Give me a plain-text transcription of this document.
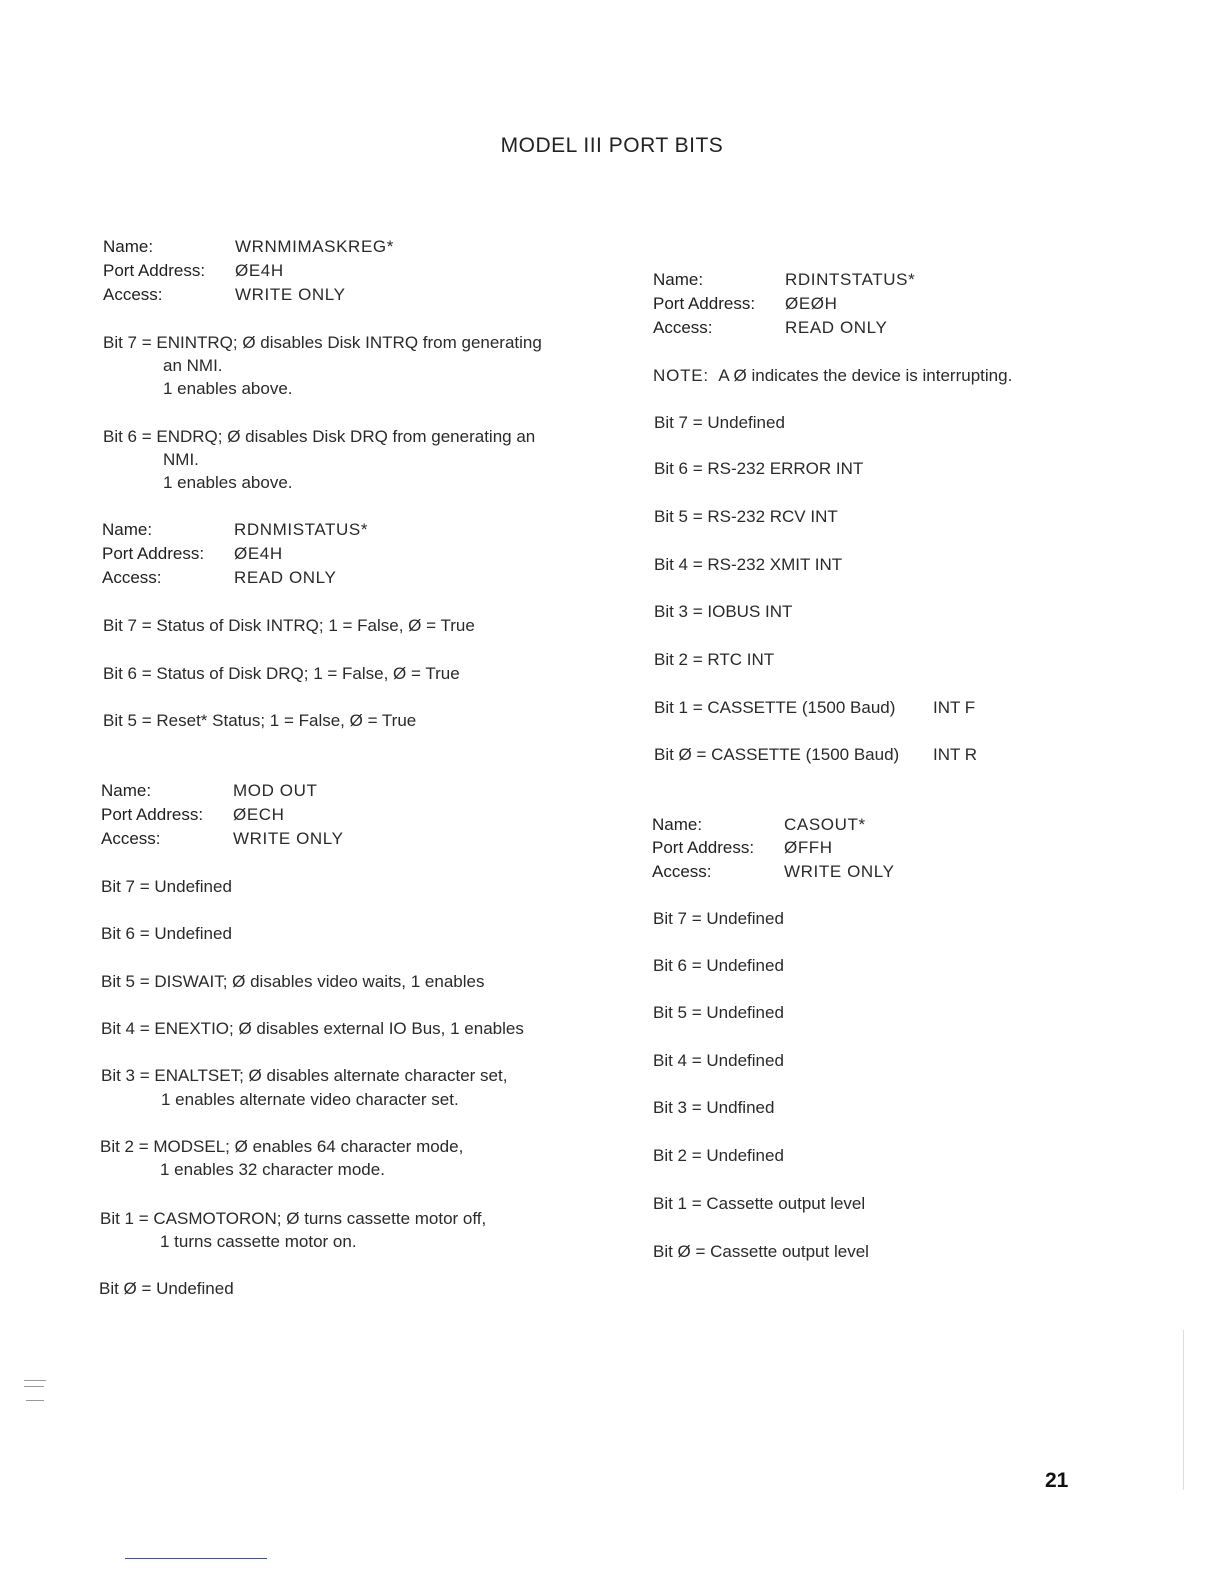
MODEL III PORT BITS
Name:	WRNMIMASKREG*
Port Address: ØE4H
Access:	WRITE ONLY
Bit 7 = ENINTRQ; Ø disables Disk INTRQ from generating
an NMI.
1 enables above.
Bit 6 = ENDRQ; Ø disables Disk DRQ from generating an
NMI.
1 enables above.
Name:	RDNMISTATUS*
Port Address: ØE4H
Access:	READ ONLY
Bit 7 = Status of Disk INTRQ; 1 = False, Ø = True
Bit 6 = Status of Disk DRQ; 1 = False, Ø = True
Bit 5 = Reset* Status; 1 = False, Ø = True
Name:	MOD OUT
Port Address: ØECH
Access:	WRITE ONLY
Bit 7 = Undefined
Bit 6 = Undefined
Bit 5 = DISWAIT; Ø disables video waits, 1 enables
Bit 4 = ENEXTIO; Ø disables external IO Bus, 1 enables
Bit 3 = ENALTSET; Ø disables alternate character set,
1 enables alternate video character set.
Bit 2 = MODSEL; Ø enables 64 character mode,
1 enables 32 character mode.
Bit 1 = CASMOTORON; Ø turns cassette motor off,
1 turns cassette motor on.
Bit Ø = Undefined
Name:	RDINTSTATUS*
Port Address: ØEØH
Access:	READ ONLY
NOTE: A Ø indicates the device is interrupting.
Bit 7 = Undefined
Bit 6 = RS-232 ERROR INT
Bit 5 = RS-232 RCV INT
Bit 4 = RS-232 XMIT INT
Bit 3 = IOBUS INT
Bit 2 = RTC INT
Bit 1 = CASSETTE (1500 Baud) INT F
Bit Ø = CASSETTE (1500 Baud) INT R
Name:	CASOUT*
Port Address: ØFFH
Access:	WRITE ONLY
Bit 7 = Undefined
Bit 6 = Undefined
Bit 5 = Undefined
Bit 4 = Undefined
Bit 3 = Undfined
Bit 2 = Undefined
Bit 1 = Cassette output level
Bit Ø = Cassette output level
21
